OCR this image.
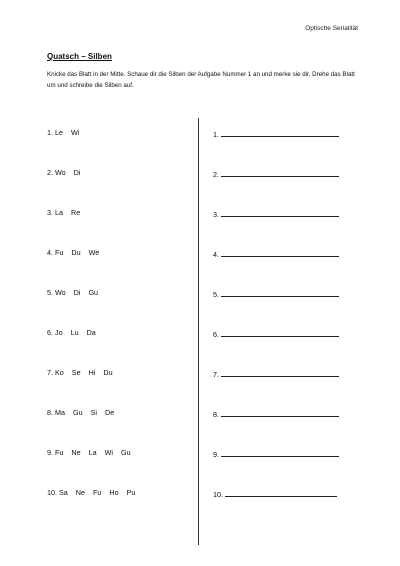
Optische Serialität
Quatsch – Silben
Knicke das Blatt in der Mitte. Schaue dir die Silben der Aufgabe Nummer 1 an und merke sie dir. Drehe das Blatt um und schreibe die Silben auf.
1. Le Wi
2. Wo Di
3. La Re
4. Fu Du We
5. Wo Di Gu
6. Jo Lu Da
7. Ko Se Hi Du
8. Ma Gu Si De
9. Fu Ne La Wi Gu
10. Sa Ne Fu Ho Pu
1.
2.
3.
4.
5.
6.
7.
8.
9.
10.
